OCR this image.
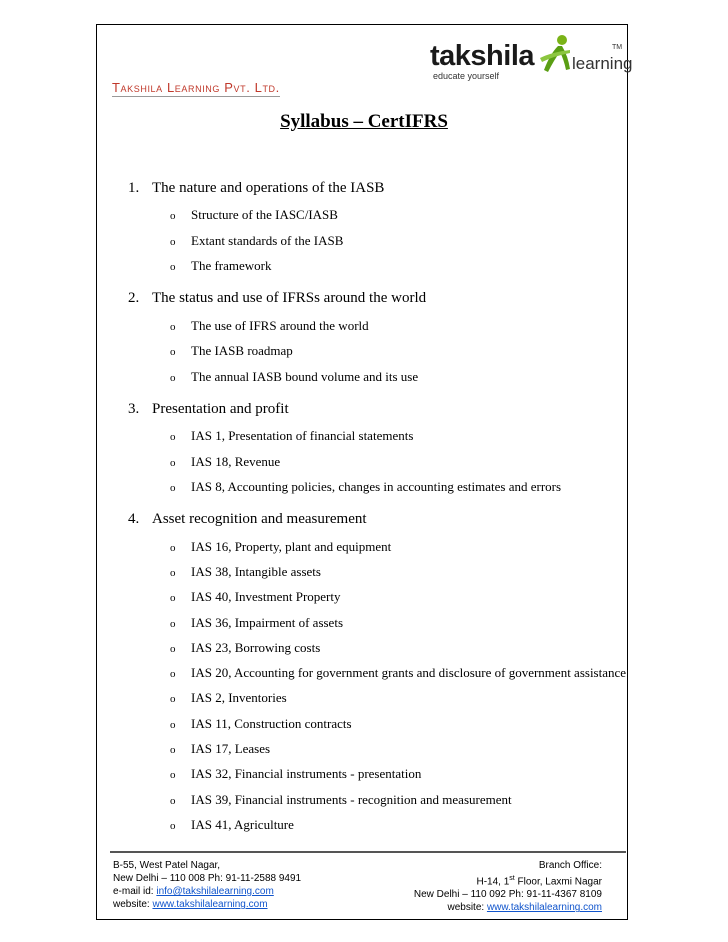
takshila learning
TM
educate yourself
Takshila Learning Pvt. Ltd.
Syllabus – CertIFRS
1. The nature and operations of the IASB
o Structure of the IASC/IASB
o Extant standards of the IASB
o The framework
2. The status and use of IFRSs around the world
o The use of IFRS around the world
o The IASB roadmap
o The annual IASB bound volume and its use
3. Presentation and profit
o IAS 1, Presentation of financial statements
o IAS 18, Revenue
o IAS 8, Accounting policies, changes in accounting estimates and errors
4. Asset recognition and measurement
o IAS 16, Property, plant and equipment
o IAS 38, Intangible assets
o IAS 40, Investment Property
o IAS 36, Impairment of assets
o IAS 23, Borrowing costs
o IAS 20, Accounting for government grants and disclosure of government assistance
o IAS 2, Inventories
o IAS 11, Construction contracts
o IAS 17, Leases
o IAS 32, Financial instruments - presentation
o IAS 39, Financial instruments - recognition and measurement
o IAS 41, Agriculture
B-55, West Patel Nagar,
New Delhi – 110 008 Ph: 91-11-2588 9491
e-mail id: info@takshilalearning.com
website: www.takshilalearning.com
Branch Office:
H-14, 1st Floor, Laxmi Nagar
New Delhi – 110 092 Ph: 91-11-4367 8109
website: www.takshilalearning.com
